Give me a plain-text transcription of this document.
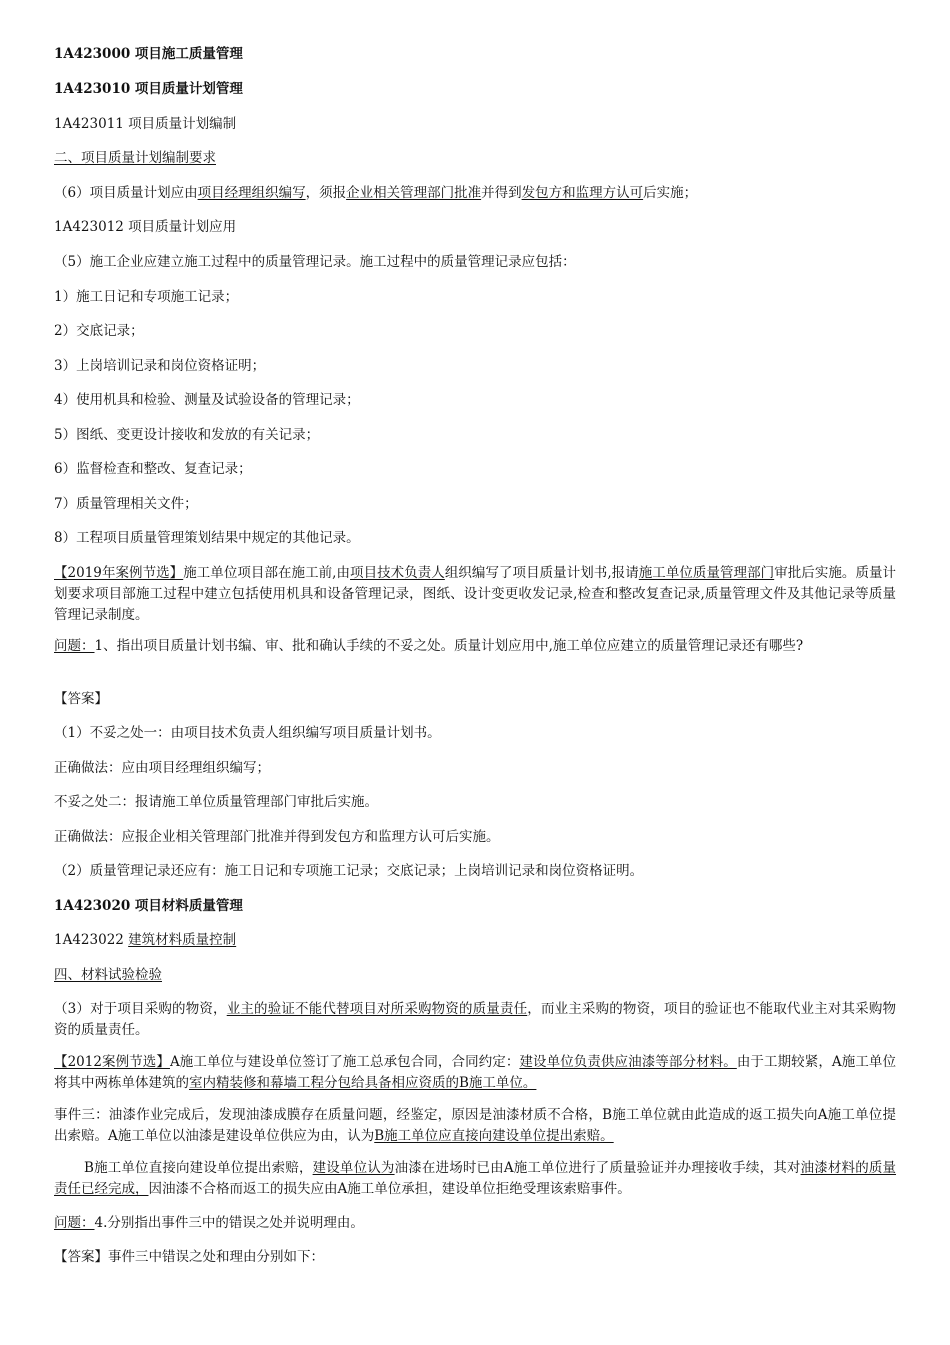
1A423000 项目施工质量管理
1A423010 项目质量计划管理
1A423011 项目质量计划编制
二、项目质量计划编制要求
（6）项目质量计划应由项目经理组织编写，须报企业相关管理部门批准并得到发包方和监理方认可后实施；
1A423012 项目质量计划应用
（5）施工企业应建立施工过程中的质量管理记录。施工过程中的质量管理记录应包括：
1）施工日记和专项施工记录；
2）交底记录；
3）上岗培训记录和岗位资格证明；
4）使用机具和检验、测量及试验设备的管理记录；
5）图纸、变更设计接收和发放的有关记录；
6）监督检查和整改、复查记录；
7）质量管理相关文件；
8）工程项目质量管理策划结果中规定的其他记录。
【2019年案例节选】施工单位项目部在施工前,由项目技术负责人组织编写了项目质量计划书,报请施工单位质量管理部门审批后实施。质量计划要求项目部施工过程中建立包括使用机具和设备管理记录，图纸、设计变更收发记录,检查和整改复查记录,质量管理文件及其他记录等质量管理记录制度。
问题：1、指出项目质量计划书编、审、批和确认手续的不妥之处。质量计划应用中,施工单位应建立的质量管理记录还有哪些?
【答案】
（1）不妥之处一：由项目技术负责人组织编写项目质量计划书。
正确做法：应由项目经理组织编写；
不妥之处二：报请施工单位质量管理部门审批后实施。
正确做法：应报企业相关管理部门批准并得到发包方和监理方认可后实施。
（2）质量管理记录还应有：施工日记和专项施工记录；交底记录；上岗培训记录和岗位资格证明。
1A423020 项目材料质量管理
1A423022 建筑材料质量控制
四、材料试验检验
（3）对于项目采购的物资，业主的验证不能代替项目对所采购物资的质量责任，而业主采购的物资，项目的验证也不能取代业主对其采购物资的质量责任。
【2012案例节选】A施工单位与建设单位签订了施工总承包合同，合同约定：建设单位负责供应油漆等部分材料。由于工期较紧，A施工单位将其中两栋单体建筑的室内精装修和幕墙工程分包给具备相应资质的B施工单位。
事件三：油漆作业完成后，发现油漆成膜存在质量问题，经鉴定，原因是油漆材质不合格，B施工单位就由此造成的返工损失向A施工单位提出索赔。A施工单位以油漆是建设单位供应为由，认为B施工单位应直接向建设单位提出索赔。
B施工单位直接向建设单位提出索赔，建设单位认为油漆在进场时已由A施工单位进行了质量验证并办理接收手续，其对油漆材料的质量责任已经完成，因油漆不合格而返工的损失应由A施工单位承担，建设单位拒绝受理该索赔事件。
问题：4.分别指出事件三中的错误之处并说明理由。
【答案】事件三中错误之处和理由分别如下：
